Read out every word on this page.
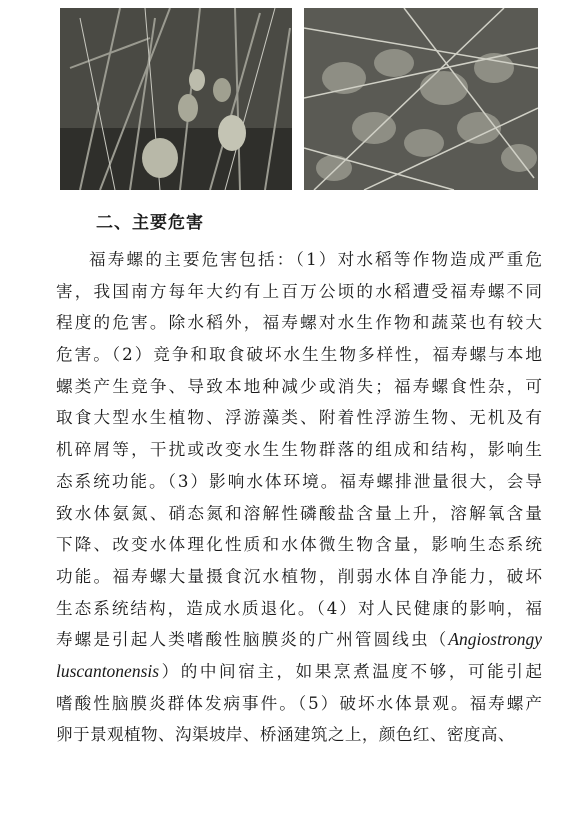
二、主要危害
福寿螺的主要危害包括：（1）对水稻等作物造成严重危
害，我国南方每年大约有上百万公顷的水稻遭受福寿螺不同
程度的危害。除水稻外，福寿螺对水生作物和蔬菜也有较大
危害。（2）竞争和取食破坏水生生物多样性，福寿螺与本地
螺类产生竞争、导致本地种减少或消失；福寿螺食性杂，可
取食大型水生植物、浮游藻类、附着性浮游生物、无机及有
机碎屑等，干扰或改变水生生物群落的组成和结构，影响生
态系统功能。（3）影响水体环境。福寿螺排泄量很大，会导
致水体氨氮、硝态氮和溶解性磷酸盐含量上升，溶解氧含量
下降、改变水体理化性质和水体微生物含量，影响生态系统
功能。福寿螺大量摄食沉水植物，削弱水体自净能力，破坏
生态系统结构，造成水质退化。（4）对人民健康的影响，福
寿螺是引起人类嗜酸性脑膜炎的广州管圆线虫（Angiostrongy
luscantonensis）的中间宿主，如果烹煮温度不够，可能引起
嗜酸性脑膜炎群体发病事件。（5）破坏水体景观。福寿螺产
卵于景观植物、沟渠坡岸、桥涵建筑之上，颜色红、密度高、
